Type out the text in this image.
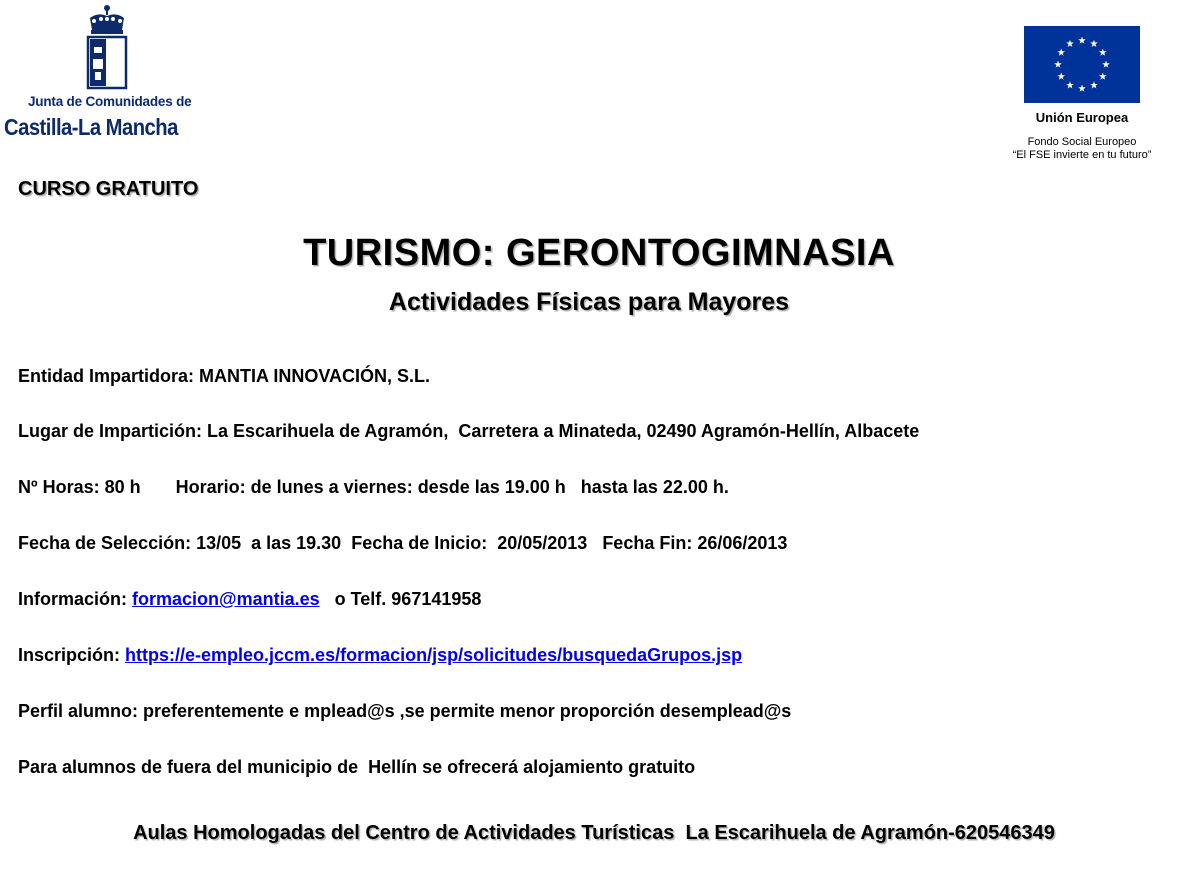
Junta de Comunidades de
Castilla-La Mancha	Unión Europea
Fondo Social Europeo
“El FSE invierte en tu futuro”
CURSO GRATUITO
TURISMO: GERONTOGIMNASIA
Actividades Físicas para Mayores
Entidad Impartidora: MANTIA INNOVACIÓN, S.L.
Lugar de Impartición: La Escarihuela de Agramón,  Carretera a Minateda, 02490 Agramón-Hellín, Albacete
Nº Horas: 80 h       Horario: de lunes a viernes: desde las 19.00 h   hasta las 22.00 h.
Fecha de Selección: 13/05  a las 19.30  Fecha de Inicio:  20/05/2013   Fecha Fin: 26/06/2013
Información: formacion@mantia.es   o Telf. 967141958
Inscripción: https://e-empleo.jccm.es/formacion/jsp/solicitudes/busquedaGrupos.jsp
Perfil alumno: preferentemente e mplead@s ,se permite menor proporción desemplead@s
Para alumnos de fuera del municipio de  Hellín se ofrecerá alojamiento gratuito
Aulas Homologadas del Centro de Actividades Turísticas  La Escarihuela de Agramón-620546349
